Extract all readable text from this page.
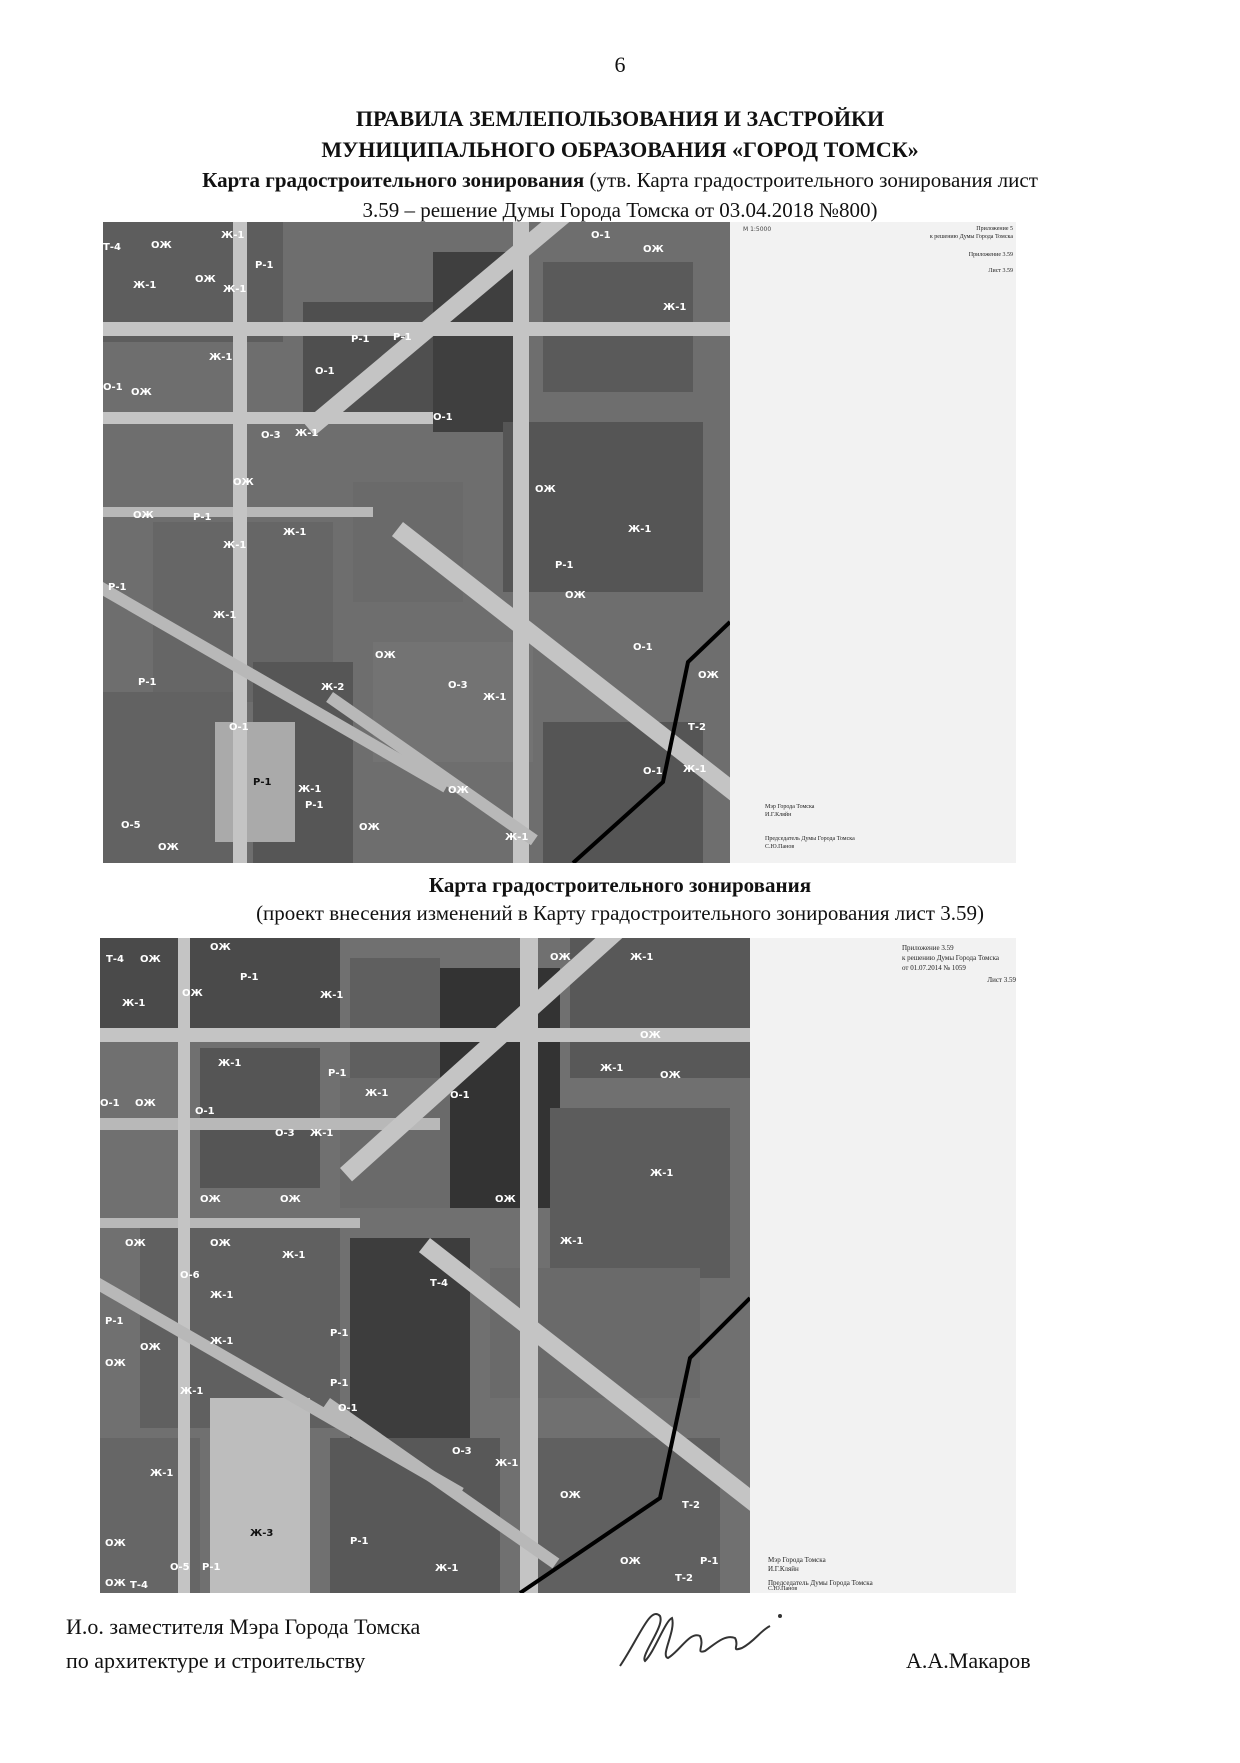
6
ПРАВИЛА ЗЕМЛЕПОЛЬЗОВАНИЯ И ЗАСТРОЙКИ
МУНИЦИПАЛЬНОГО ОБРАЗОВАНИЯ «ГОРОД ТОМСК»
Карта градостроительного зонирования (утв. Карта градостроительного зонирования лист
3.59 – решение Думы Города Томска от 03.04.2018 №800)
ОЖ
Ж-1	О-1
Р-1
Ж-1
ОЖ
Ж-1
Р-1
О-1 ОЖ
О-1
Р-1
Ж-1
О-1
О-3 Ж-1
ОЖ
ОЖ	Р-1
Ж-1
ОЖ
Р-1
Ж-1
Ж-1
Р-1
ОЖ
ОЖ
О-1
ОЖ
О-3
Ж-1
Ж-1
Р-1
О-1
Ж-2
Р-1
Ж-1
ОЖ
ОЖ
О-1
О-5
Ж-1
ОЖ
Ж-1
Т-2
Р-1
Т-4	ОЖ
Ж-1
М 1:5000	Приложение 5
к решению Думы Города Томска
Приложение 3.59
Лист 3.59
Мэр Города Томска
И.Г.Кляйн
Председатель Думы Города Томска
С.Ю.Панов
Карта градостроительного зонирования
(проект внесения изменений в Карту градостроительного зонирования лист 3.59)
Т-4 ОЖ
ОЖ
Ж-1
ОЖ
ОЖ
Р-1
Ж-1
Ж-1
ОЖ
Ж-1
ОЖ
Ж-1
Р-1
Ж-1
О-1 ОЖ
О-1
О-3 Ж-1
О-1
Ж-1
ОЖ	ОЖ	ОЖ
Ж-1
ОЖ	ОЖ
О-6
Ж-1
Т-4
Ж-1
ОЖ
Р-1
Р-1
Ж-1
ОЖ
Ж-1
Р-1
О-1
О-3
Ж-1
Ж-1
ОЖ
Ж-3
Т-2
Р-1
Ж-1
О-5 Р-1
Т-4
ОЖ
ОЖ
Р-1
ОЖ
Т-2
Приложение 3.59
к решению Думы Города Томска
от 01.07.2014 № 1059
Лист 3.59
Мэр Города Томска
И.Г.Кляйн
Председатель Думы Города Томска
С.Ю.Панов
И.о. заместителя Мэра Города Томска
по архитектуре и строительству	А.А.Макаров
